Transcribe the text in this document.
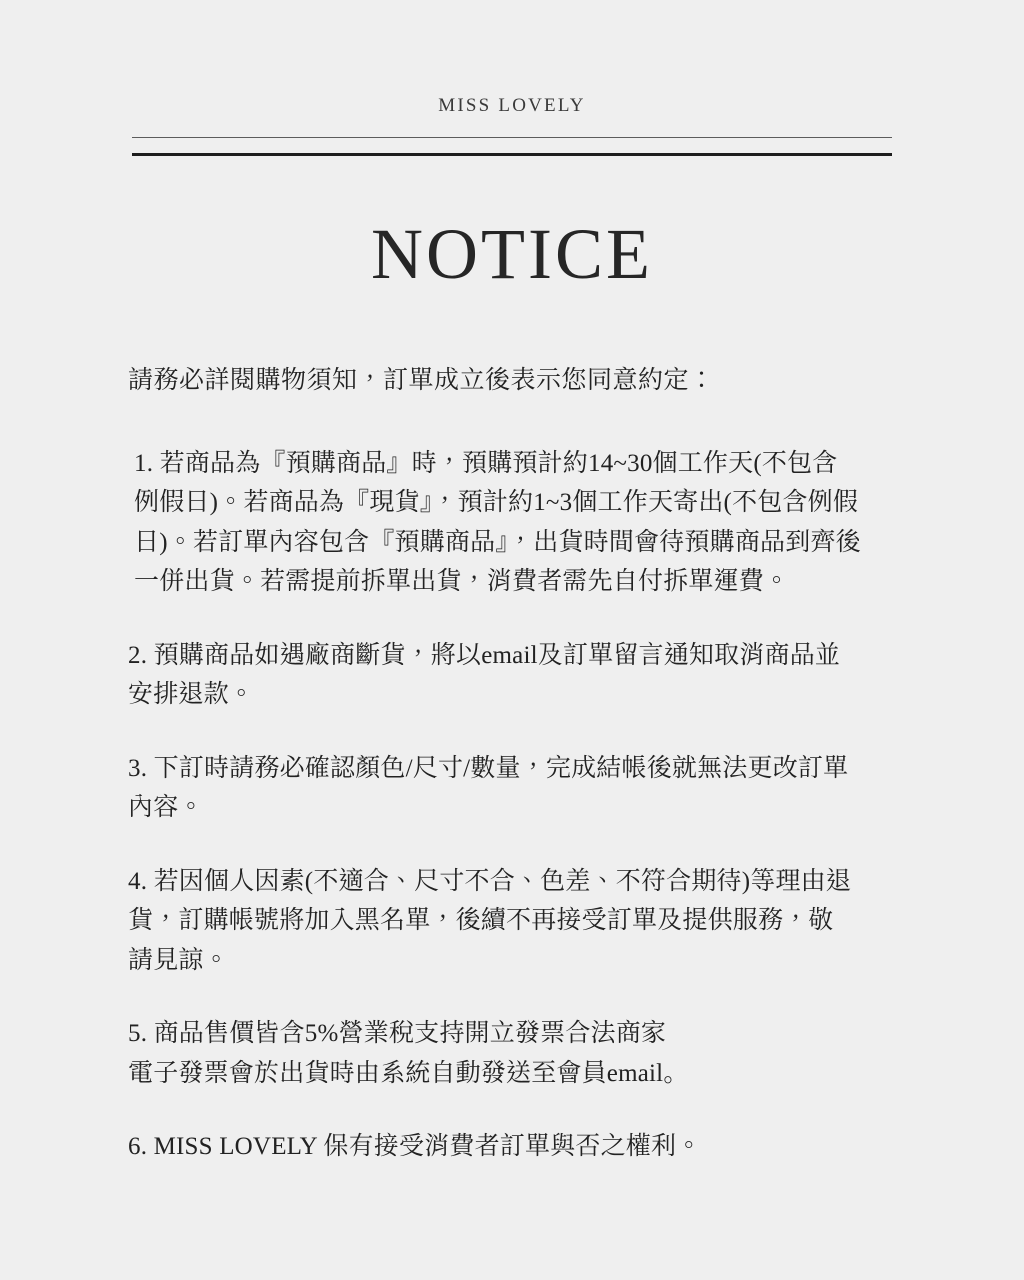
MISS LOVELY
NOTICE
請務必詳閱購物須知，訂單成立後表示您同意約定：
1. 若商品為『預購商品』時，預購預計約14~30個工作天(不包含
例假日)。若商品為『現貨』，預計約1~3個工作天寄出(不包含例假
日)。若訂單內容包含『預購商品』，出貨時間會待預購商品到齊後
一併出貨。若需提前拆單出貨，消費者需先自付拆單運費。
2. 預購商品如遇廠商斷貨，將以email及訂單留言通知取消商品並
安排退款。
3. 下訂時請務必確認顏色/尺寸/數量，完成結帳後就無法更改訂單
內容。
4. 若因個人因素(不適合、尺寸不合、色差、不符合期待)等理由退
貨，訂購帳號將加入黑名單，後續不再接受訂單及提供服務，敬
請見諒。
5. 商品售價皆含5%營業稅支持開立發票合法商家
電子發票會於出貨時由系統自動發送至會員email。
6. MISS LOVELY 保有接受消費者訂單與否之權利。
